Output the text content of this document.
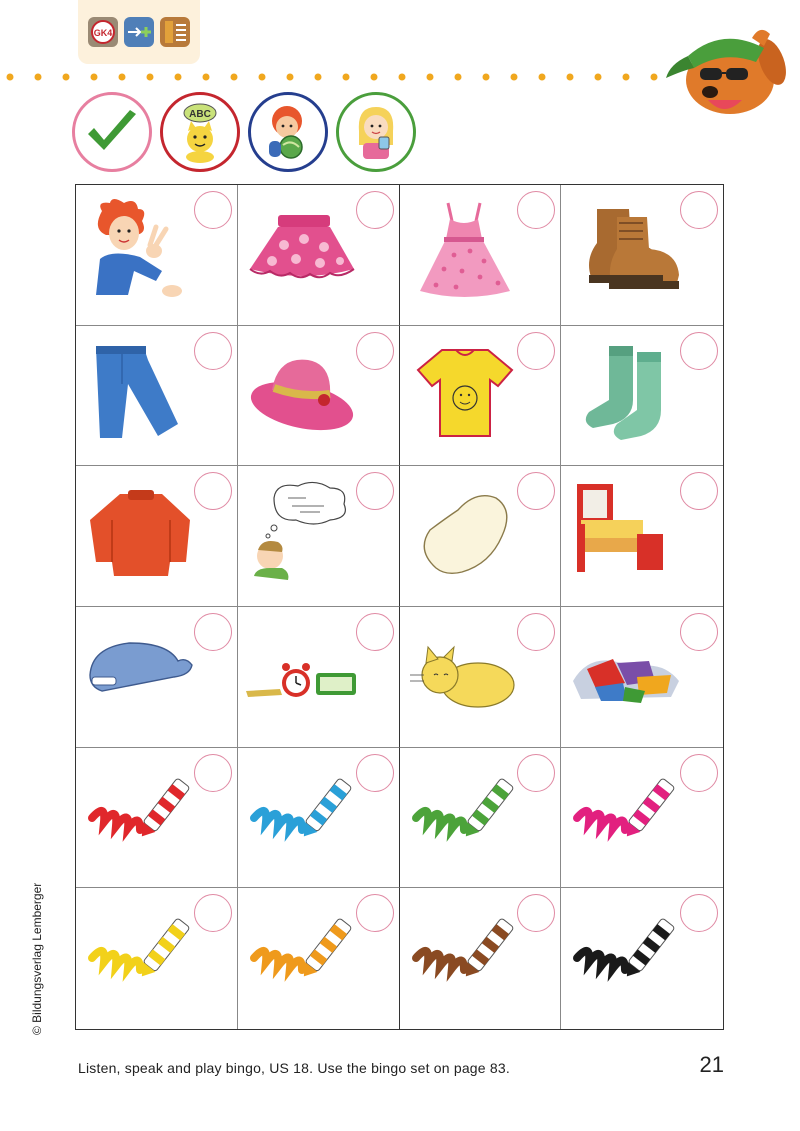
GK4
ABC
Listen, speak and play bingo, US 18. Use the bingo set on page 83.	21
© Bildungsverlag Lemberger
